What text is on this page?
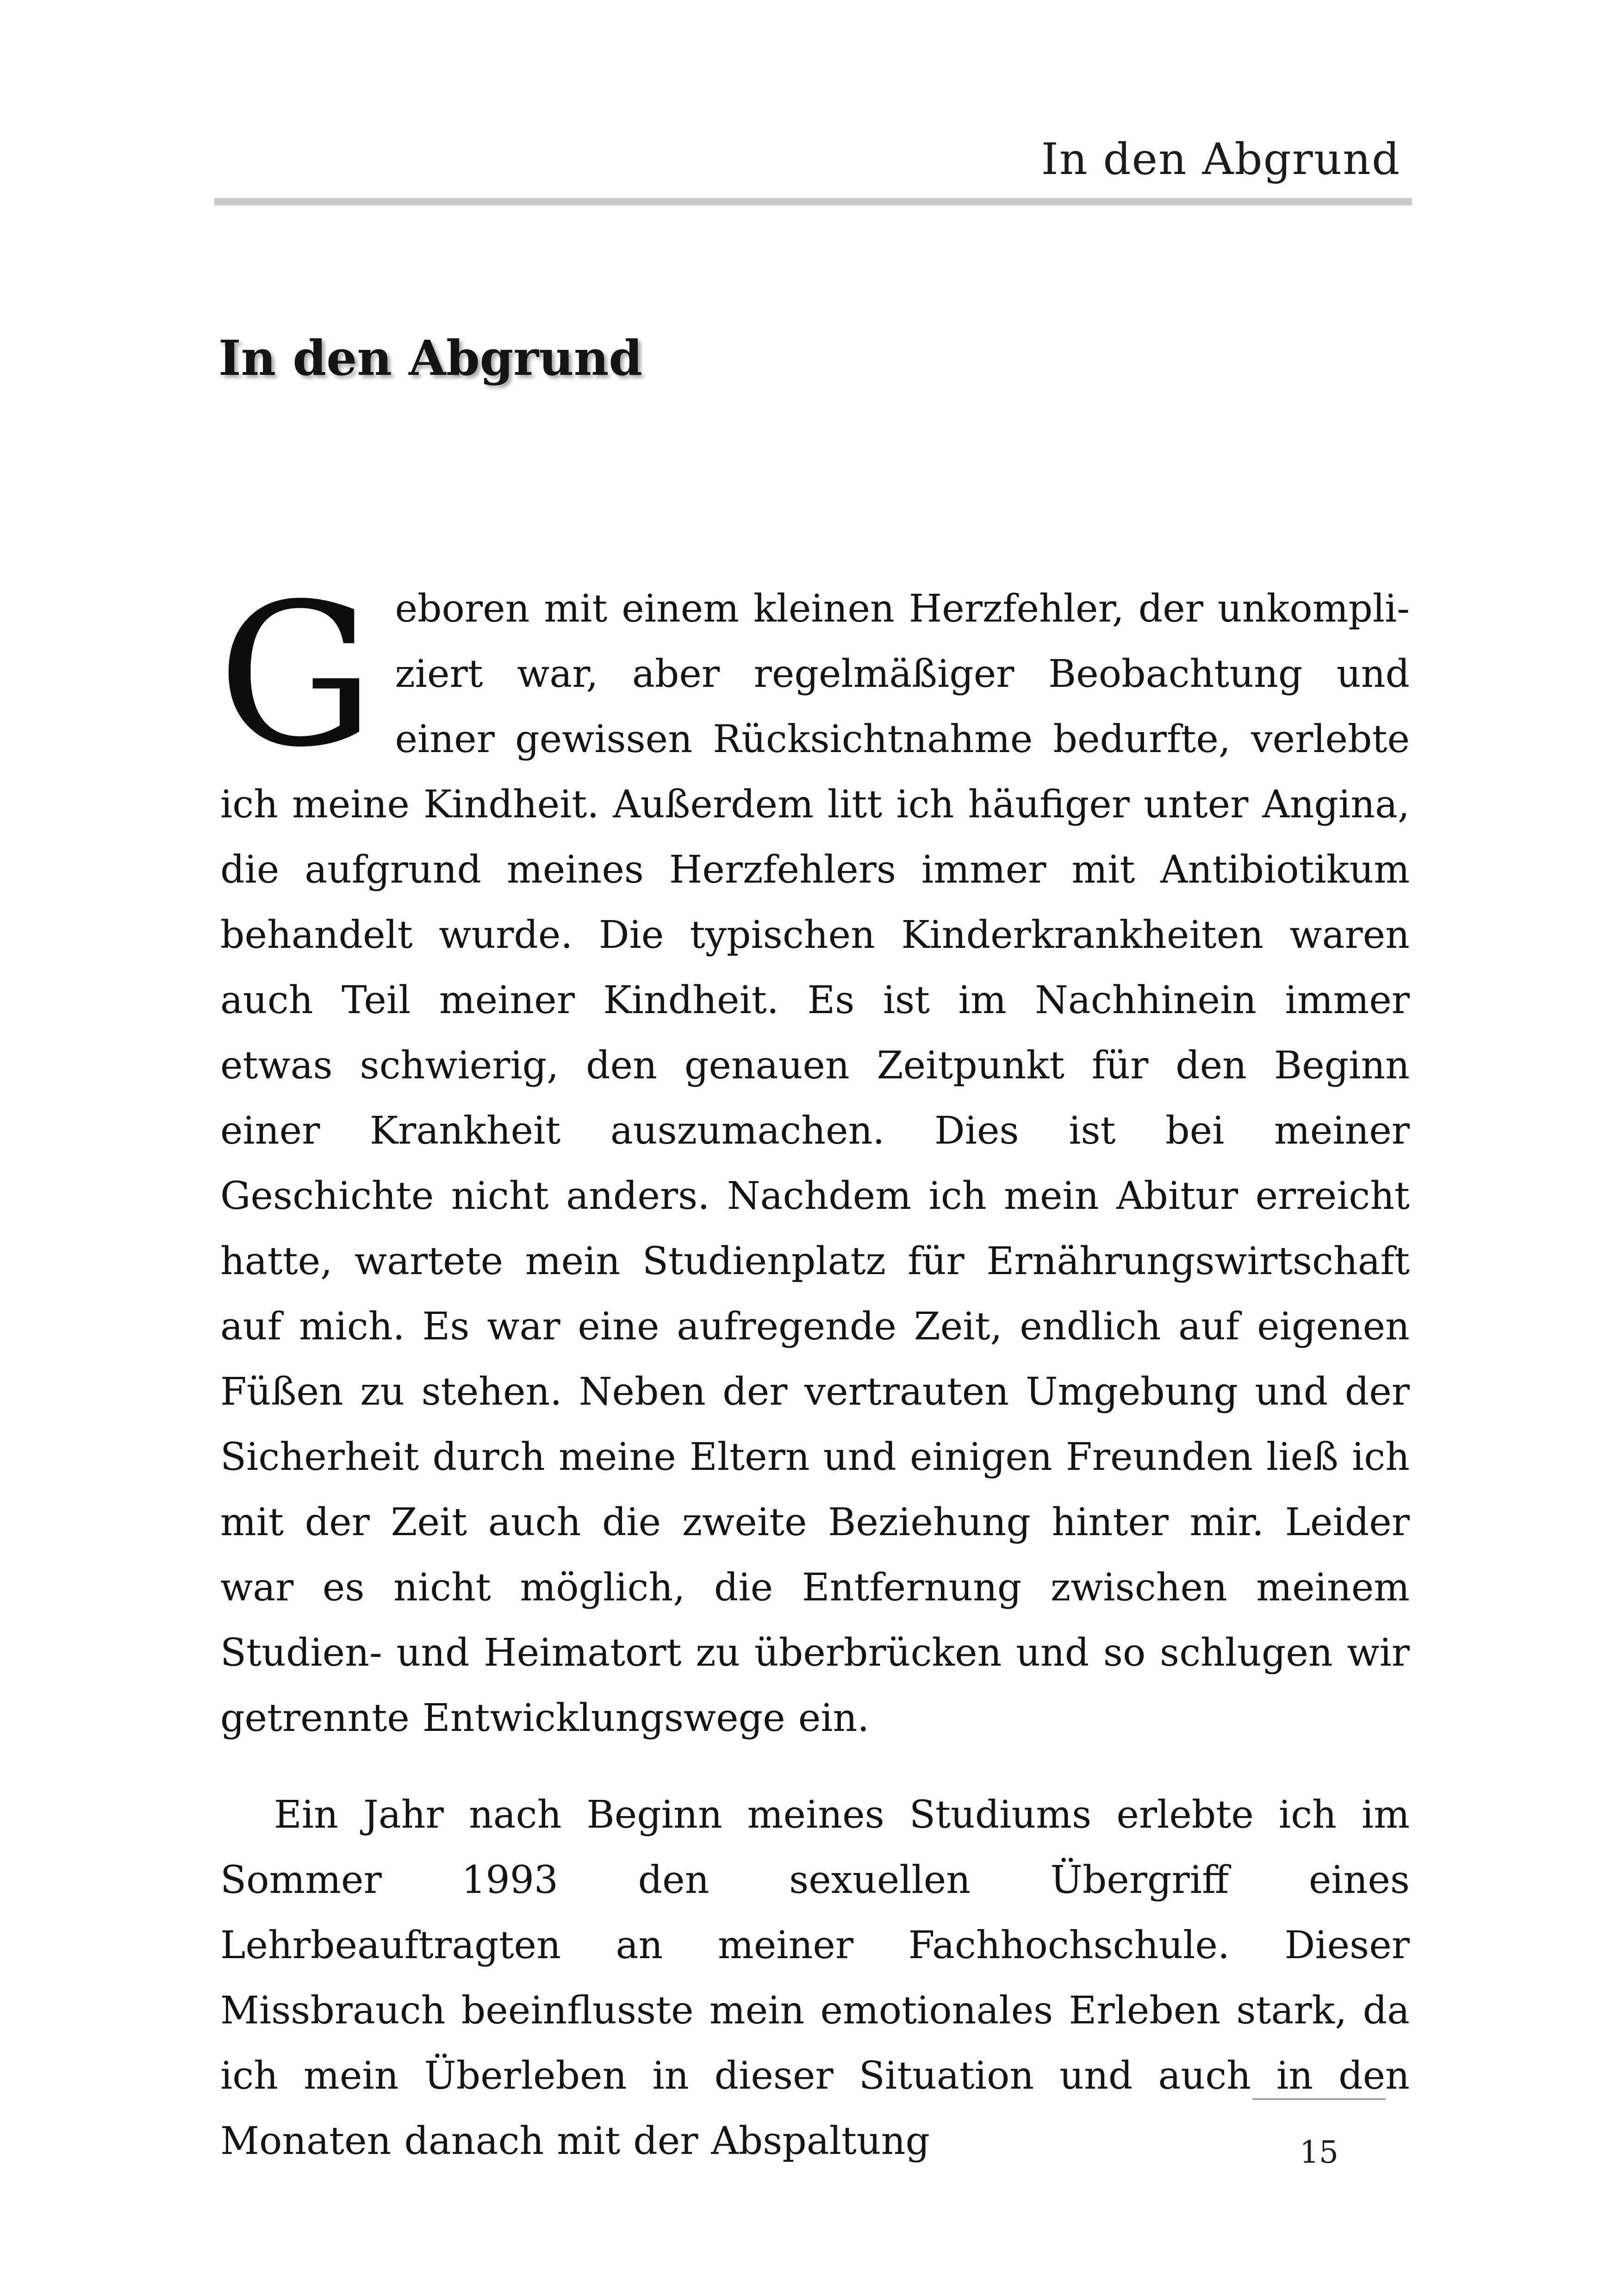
In den Abgrund
In den Abgrund

Geboren mit einem kleinen Herzfehler, der unkompliziert war, aber regelmäßiger Beobachtung und einer gewissen Rücksichtnahme bedurfte, verlebte ich meine Kindheit. Außerdem litt ich häufiger unter Angina, die aufgrund meines Herzfehlers immer mit Antibiotikum behandelt wurde. Die typischen Kinderkrankheiten waren auch Teil meiner Kindheit. Es ist im Nachhinein immer etwas schwierig, den genauen Zeitpunkt für den Beginn einer Krankheit auszumachen. Dies ist bei meiner Geschichte nicht anders. Nachdem ich mein Abitur erreicht hatte, wartete mein Studienplatz für Ernährungswirtschaft auf mich. Es war eine aufregende Zeit, endlich auf eigenen Füßen zu stehen. Neben der vertrauten Umgebung und der Sicherheit durch meine Eltern und einigen Freunden ließ ich mit der Zeit auch die zweite Beziehung hinter mir. Leider war es nicht möglich, die Entfernung zwischen meinem Studien- und Heimatort zu überbrücken und so schlugen wir getrennte Entwicklungswege ein.

Ein Jahr nach Beginn meines Studiums erlebte ich im Sommer 1993 den sexuellen Übergriff eines Lehrbeauftragten an meiner Fachhochschule. Dieser Missbrauch beeinflusste mein emotionales Erleben stark, da ich mein Überleben in dieser Situation und auch in den Monaten danach mit der Abspaltung	15
